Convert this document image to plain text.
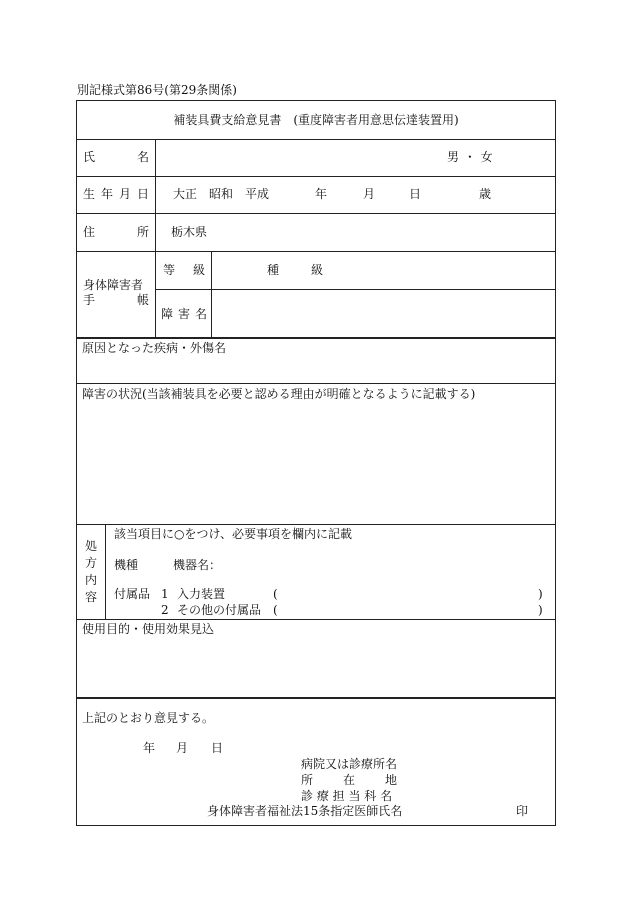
別記様式第86号(第29条関係)
補装具費支給意見書　(重度障害者用意思伝達装置用)
氏	名	男 ・ 女
生 年 月 日 大正　昭和　平成	年	月	日	歳
住	所 栃木県
身体障害者
手	帳
等 級	種	級
障 害 名
原因となった疾病・外傷名
障害の状況(当該補装具を必要と認める理由が明確となるように記載する)
処
方
内
容
該当項目に○をつけ、必要事項を欄内に記載
機種	機器名：
付属品 1 入力装置	(	)
2 その他の付属品 (	)
使用目的・使用効果見込
上記のとおり意見する。
年 月 日
病院又は診療所名
所 在 地
診 療 担 当 科 名
身体障害者福祉法15条指定医師氏名	印
